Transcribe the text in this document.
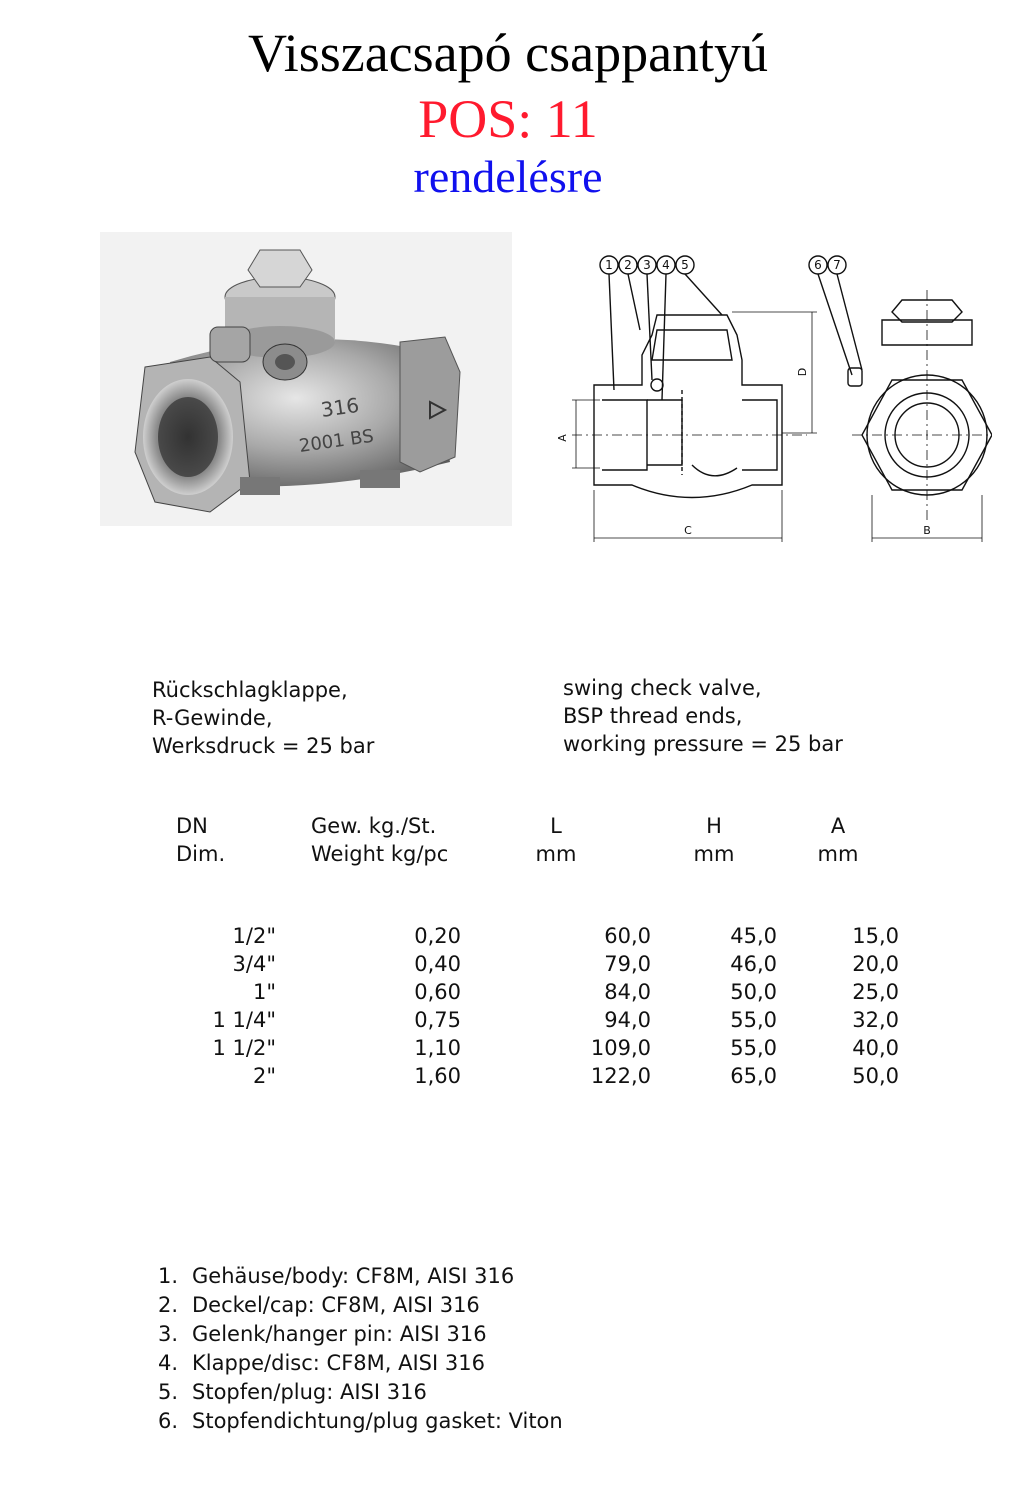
Visszacsapó csappantyú
POS: 11
rendelésre
316
2001 BS
1 2 3 4 5	6 7
A
C
D
B
Rückschlagklappe,
R-Gewinde,
Werksdruck = 25 bar
swing check valve,
BSP thread ends,
working pressure = 25 bar
DN	Gew. kg./St.	L	H	A
Dim.	Weight kg/pc	mm	mm	mm

1/2"	0,20	60,0	45,0	15,0
3/4"	0,40	79,0	46,0	20,0
1"	0,60	84,0	50,0	25,0
1 1/4"	0,75	94,0	55,0	32,0
1 1/2"	1,10	109,0	55,0	40,0
2"	1,60	122,0	65,0	50,0
1. Gehäuse/body: CF8M, AISI 316
2. Deckel/cap: CF8M, AISI 316
3. Gelenk/hanger pin: AISI 316
4. Klappe/disc: CF8M, AISI 316
5. Stopfen/plug: AISI 316
6. Stopfendichtung/plug gasket: Viton
